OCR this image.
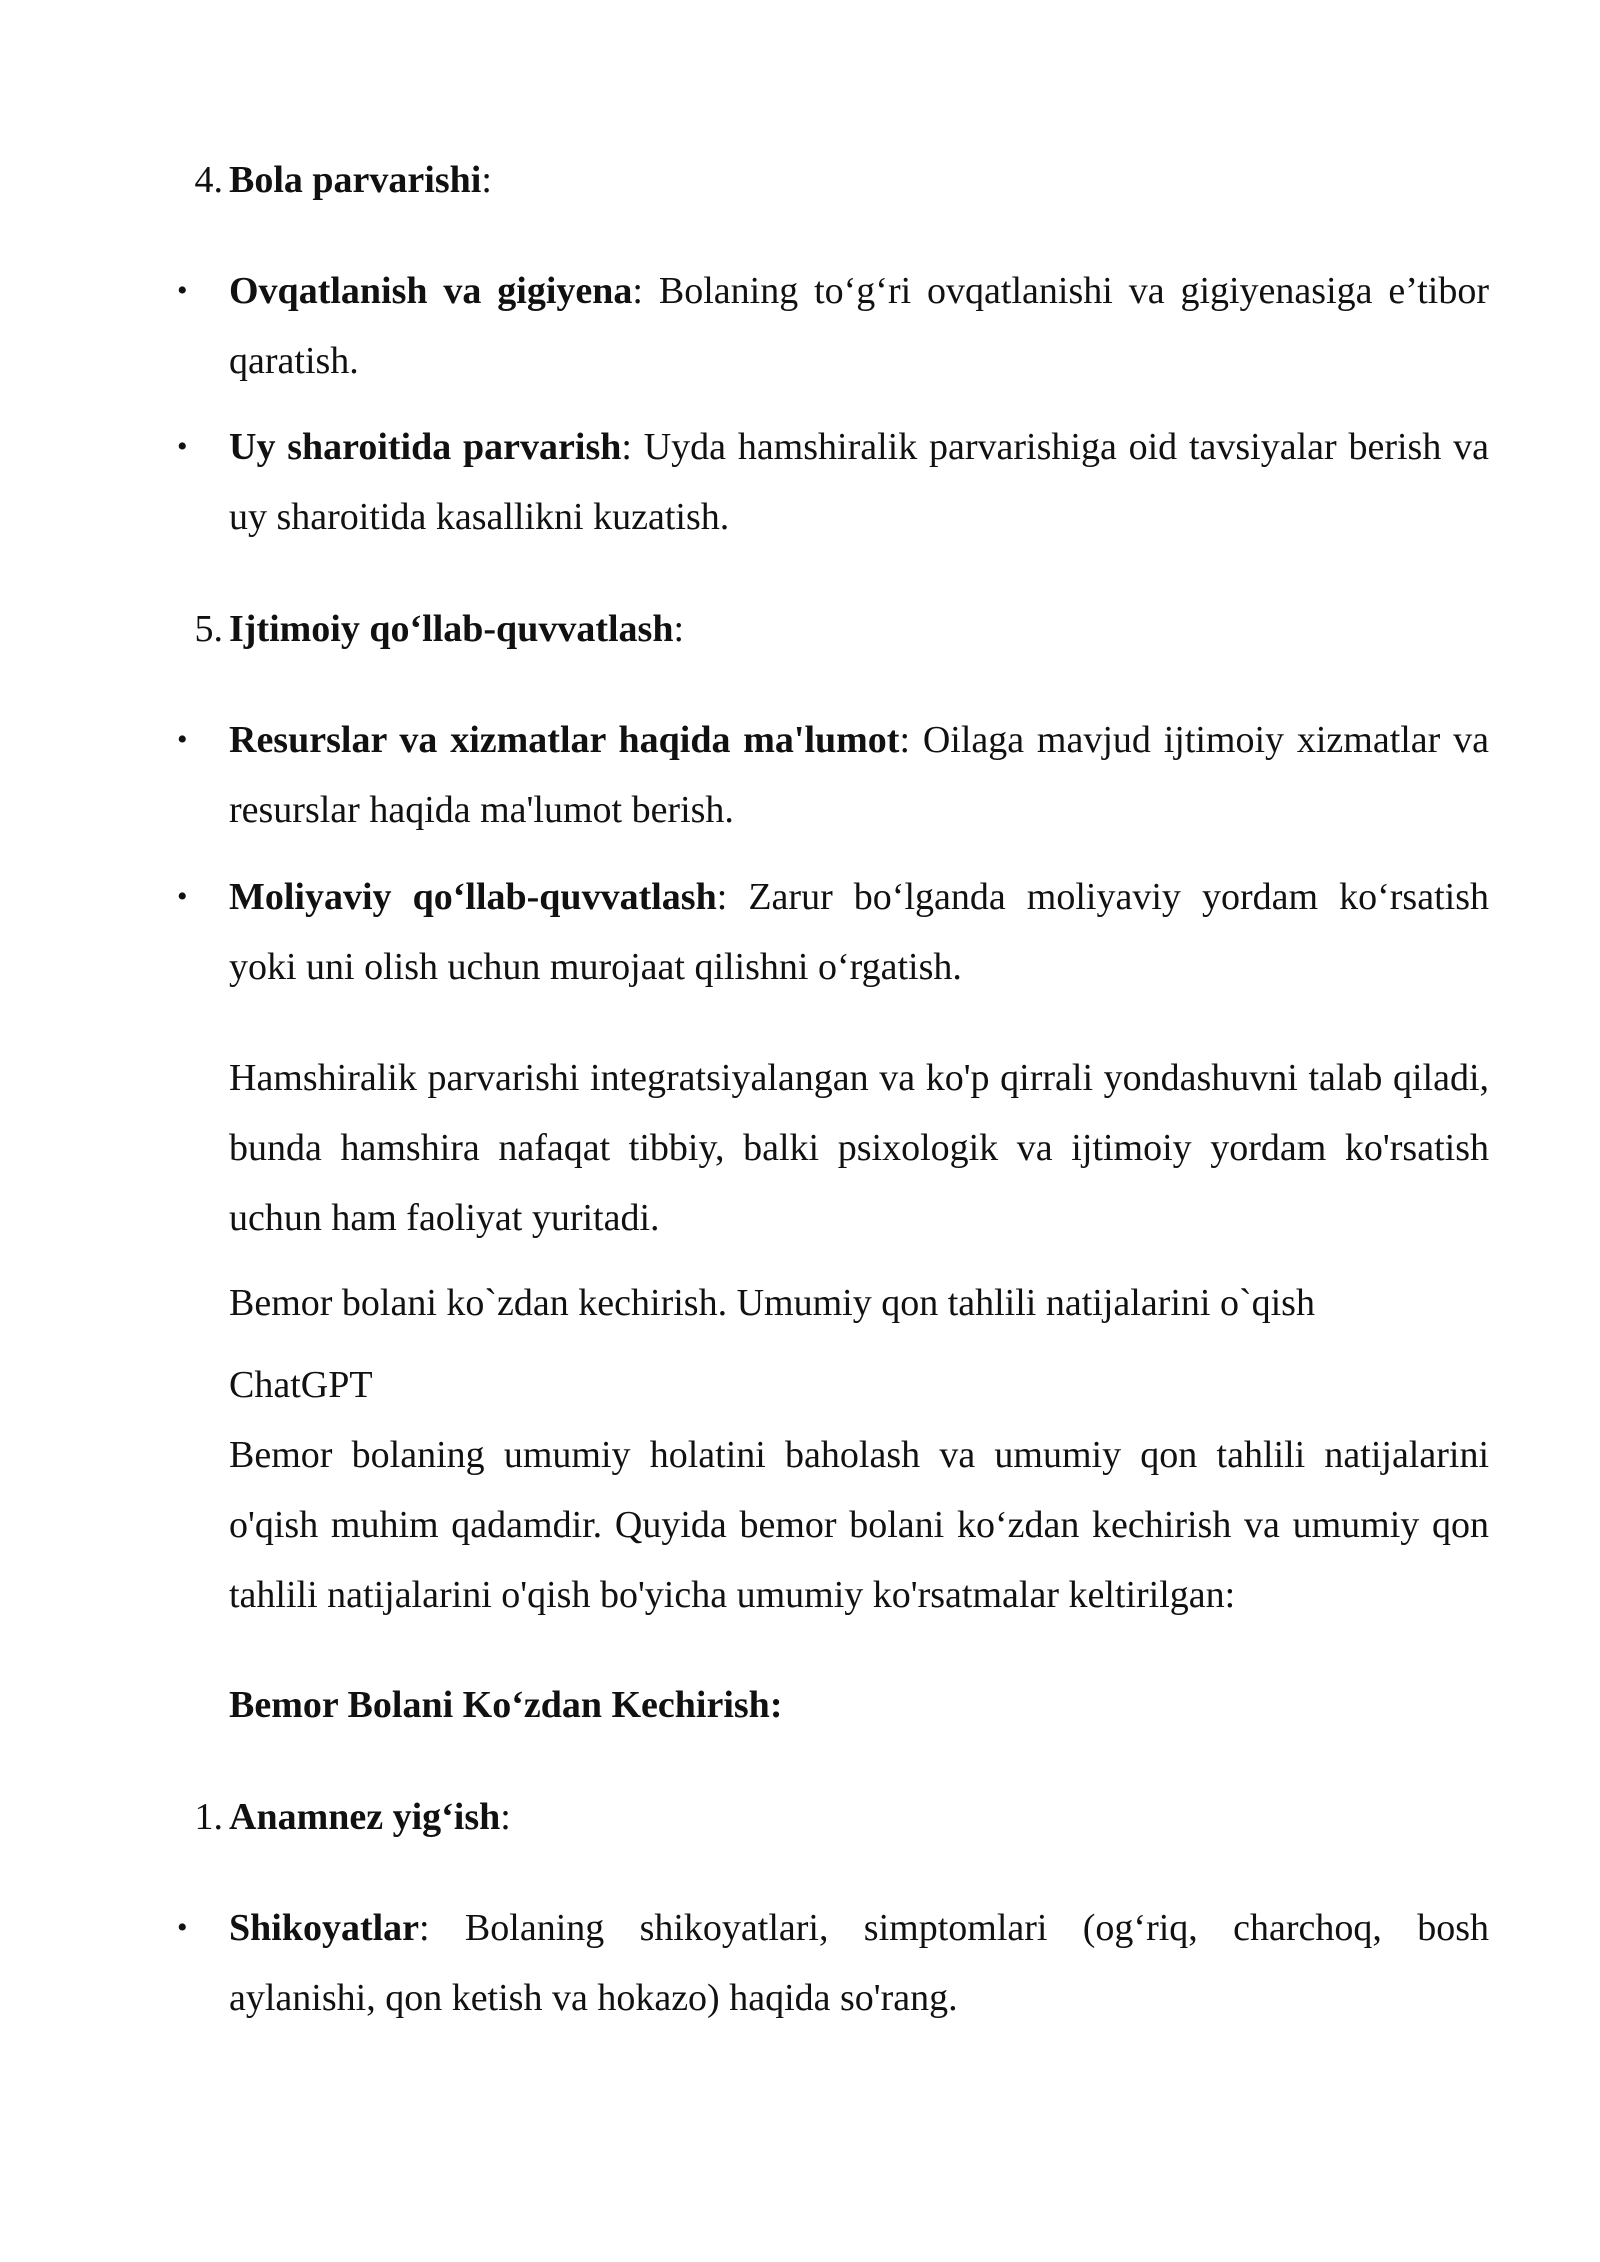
4. Bola parvarishi:

•	Ovqatlanish va gigiyena: Bolaning to‘g‘ri ovqatlanishi va gigiyenasiga e’tibor qaratish.

•	Uy sharoitida parvarish: Uyda hamshiralik parvarishiga oid tavsiyalar berish va uy sharoitida kasallikni kuzatish.

5. Ijtimoiy qo‘llab-quvvatlash:

•	Resurslar va xizmatlar haqida ma'lumot: Oilaga mavjud ijtimoiy xizmatlar va resurslar haqida ma'lumot berish.

•	Moliyaviy qo‘llab-quvvatlash: Zarur bo‘lganda moliyaviy yordam ko‘rsatish yoki uni olish uchun murojaat qilishni o‘rgatish.

Hamshiralik parvarishi integratsiyalangan va ko'p qirrali yondashuvni talab qiladi, bunda hamshira nafaqat tibbiy, balki psixologik va ijtimoiy yordam ko'rsatish uchun ham faoliyat yuritadi.

Bemor bolani ko`zdan kechirish. Umumiy qon tahlili natijalarini o`qish

ChatGPT

Bemor bolaning umumiy holatini baholash va umumiy qon tahlili natijalarini o'qish muhim qadamdir. Quyida bemor bolani ko‘zdan kechirish va umumiy qon tahlili natijalarini o'qish bo'yicha umumiy ko'rsatmalar keltirilgan:

Bemor Bolani Ko‘zdan Kechirish:

1. Anamnez yig‘ish:

•	Shikoyatlar: Bolaning shikoyatlari, simptomlari (og‘riq, charchoq, bosh aylanishi, qon ketish va hokazo) haqida so'rang.
